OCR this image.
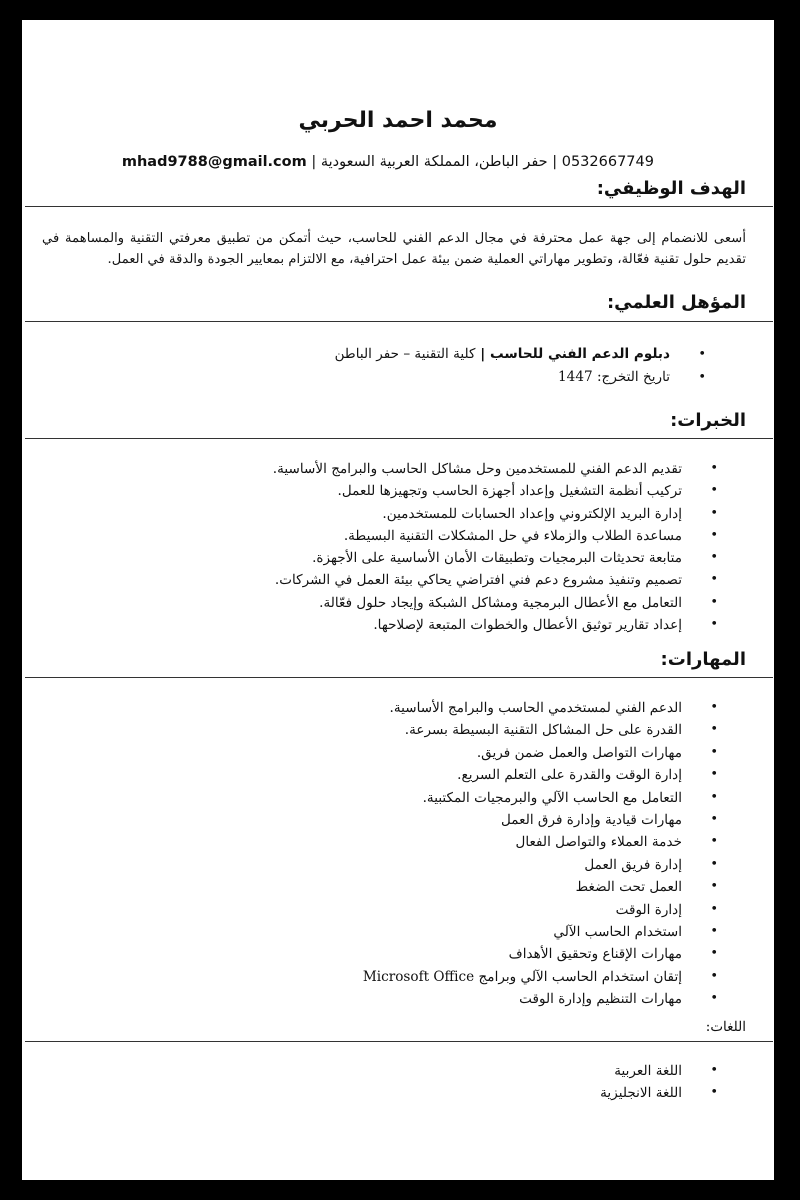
محمد احمد الحربي
0532667749 | حفر الباطن، المملكة العربية السعودية | mhad9788@gmail.com
الهدف الوظيفي:
أسعى للانضمام إلى جهة عمل محترفة في مجال الدعم الفني للحاسب، حيث أتمكن من تطبيق معرفتي التقنية والمساهمة في تقديم حلول تقنية فعّالة، وتطوير مهاراتي العملية ضمن بيئة عمل احترافية، مع الالتزام بمعايير الجودة والدقة في العمل.
المؤهل العلمي:
• دبلوم الدعم الفني للحاسب | كلية التقنية – حفر الباطن
• تاريخ التخرج: 1447
الخبرات:
• تقديم الدعم الفني للمستخدمين وحل مشاكل الحاسب والبرامج الأساسية.
• تركيب أنظمة التشغيل وإعداد أجهزة الحاسب وتجهيزها للعمل.
• إدارة البريد الإلكتروني وإعداد الحسابات للمستخدمين.
• مساعدة الطلاب والزملاء في حل المشكلات التقنية البسيطة.
• متابعة تحديثات البرمجيات وتطبيقات الأمان الأساسية على الأجهزة.
• تصميم وتنفيذ مشروع دعم فني افتراضي يحاكي بيئة العمل في الشركات.
• التعامل مع الأعطال البرمجية ومشاكل الشبكة وإيجاد حلول فعّالة.
• إعداد تقارير توثيق الأعطال والخطوات المتبعة لإصلاحها.
المهارات:
• الدعم الفني لمستخدمي الحاسب والبرامج الأساسية.
• القدرة على حل المشاكل التقنية البسيطة بسرعة.
• مهارات التواصل والعمل ضمن فريق.
• إدارة الوقت والقدرة على التعلم السريع.
• التعامل مع الحاسب الآلي والبرمجيات المكتبية.
• مهارات قيادية وإدارة فرق العمل
• خدمة العملاء والتواصل الفعال
• إدارة فريق العمل
• العمل تحت الضغط
• إدارة الوقت
• استخدام الحاسب الآلي
• مهارات الإقناع وتحقيق الأهداف
• إتقان استخدام الحاسب الآلي وبرامج Microsoft Office
• مهارات التنظيم وإدارة الوقت
اللغات:
• اللغة العربية
• اللغة الانجليزية
